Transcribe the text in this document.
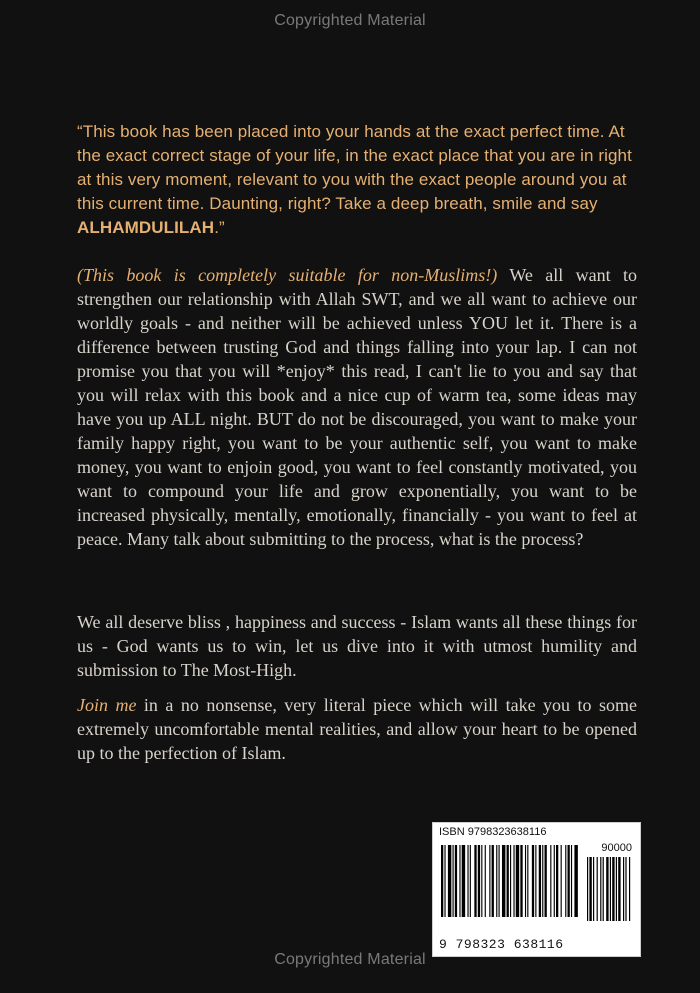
Copyrighted Material
“This book has been placed into your hands at the exact perfect time. At the exact correct stage of your life, in the exact place that you are in right at this very moment, relevant to you with the exact people around you at this current time. Daunting, right? Take a deep breath, smile and say ALHAMDULILAH.”
(This book is completely suitable for non-Muslims!) We all want to strengthen our relationship with Allah SWT, and we all want to achieve our worldly goals - and neither will be achieved unless YOU let it. There is a difference between trusting God and things falling into your lap. I can not promise you that you will *enjoy* this read, I can't lie to you and say that you will relax with this book and a nice cup of warm tea, some ideas may have you up ALL night. BUT do not be discouraged, you want to make your family happy right, you want to be your authentic self, you want to make money, you want to enjoin good, you want to feel constantly motivated, you want to compound your life and grow exponentially, you want to be increased physically, mentally, emotionally, financially - you want to feel at peace. Many talk about submitting to the process, what is the process?
We all deserve bliss , happiness and success - Islam wants all these things for us - God wants us to win, let us dive into it with utmost humility and submission to The Most-High.
Join me in a no nonsense, very literal piece which will take you to some extremely uncomfortable mental realities, and allow your heart to be opened up to the perfection of Islam.
ISBN 9798323638116
90000
9 798323 638116
Copyrighted Material
